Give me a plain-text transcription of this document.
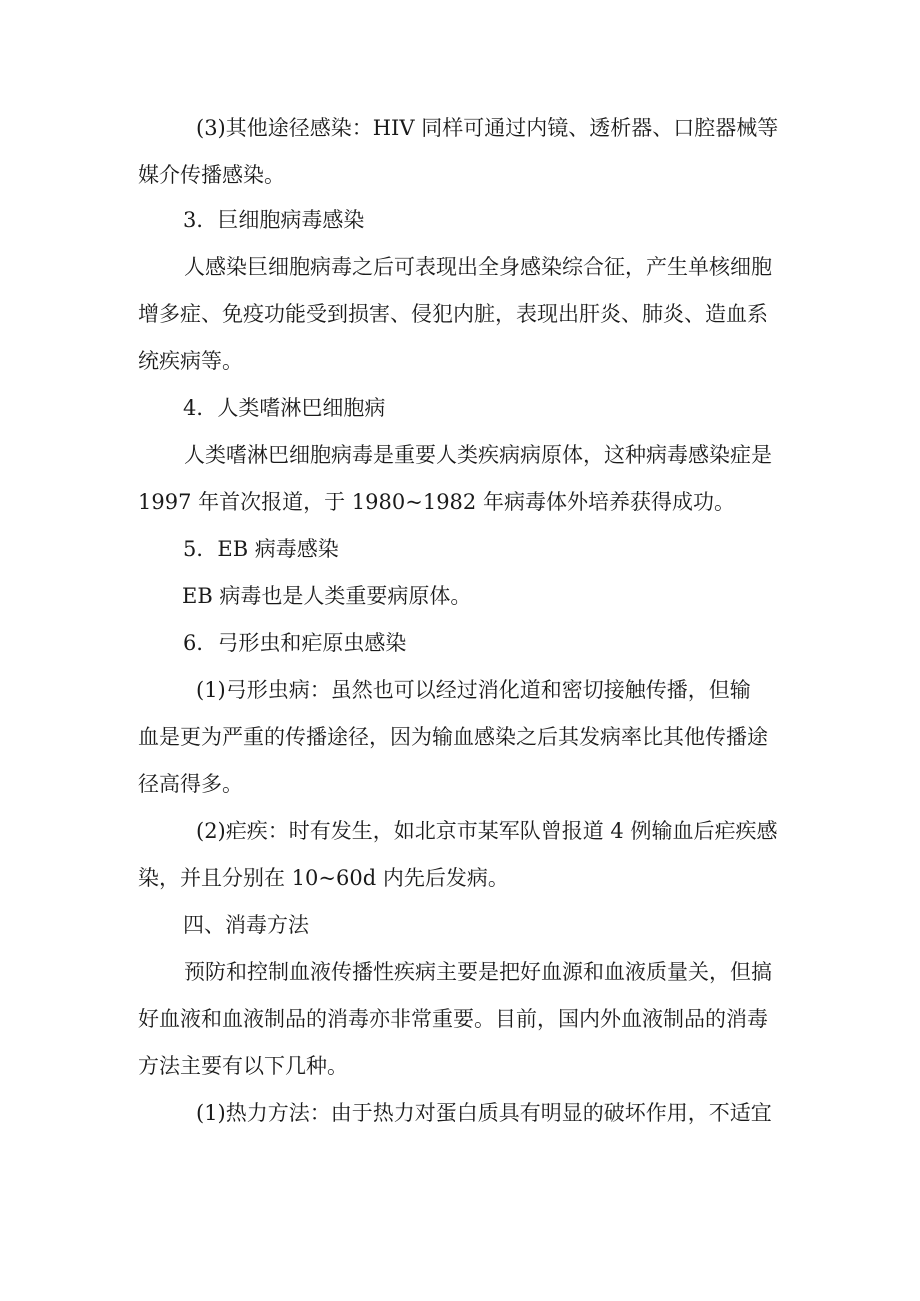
(3)其他途径感染：HIV 同样可通过内镜、透析器、口腔器械等
媒介传播感染。
3．巨细胞病毒感染
人感染巨细胞病毒之后可表现出全身感染综合征，产生单核细胞
增多症、免疫功能受到损害、侵犯内脏，表现出肝炎、肺炎、造血系
统疾病等。
4．人类嗜淋巴细胞病
人类嗜淋巴细胞病毒是重要人类疾病病原体，这种病毒感染症是
1997 年首次报道，于 1980~1982 年病毒体外培养获得成功。
5．EB 病毒感染
EB 病毒也是人类重要病原体。
6．弓形虫和疟原虫感染
(1)弓形虫病：虽然也可以经过消化道和密切接触传播，但输
血是更为严重的传播途径，因为输血感染之后其发病率比其他传播途
径高得多。
(2)疟疾：时有发生，如北京市某军队曾报道 4 例输血后疟疾感
染，并且分别在 10~60d 内先后发病。
四、消毒方法
预防和控制血液传播性疾病主要是把好血源和血液质量关，但搞
好血液和血液制品的消毒亦非常重要。目前，国内外血液制品的消毒
方法主要有以下几种。
(1)热力方法：由于热力对蛋白质具有明显的破坏作用，不适宜
